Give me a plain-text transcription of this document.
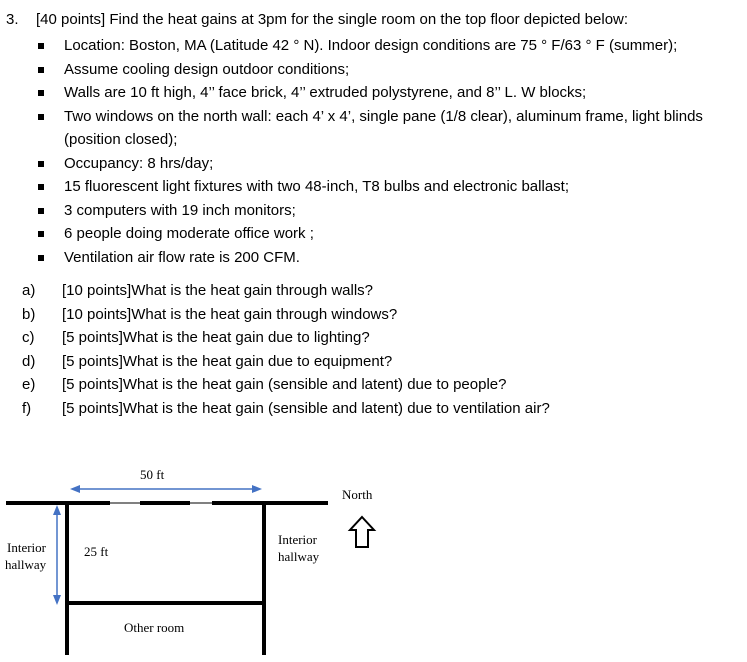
3. [40 points] Find the heat gains at 3pm for the single room on the top floor depicted below:
Location: Boston, MA (Latitude 42 ° N). Indoor design conditions are 75 ° F/63 ° F (summer);
Assume cooling design outdoor conditions;
Walls are 10 ft high, 4’’ face brick, 4’’ extruded polystyrene, and 8’’ L. W blocks;
Two windows on the north wall: each 4’ x 4’, single pane (1/8 clear), aluminum frame, light blinds (position closed);
Occupancy: 8 hrs/day;
15 fluorescent light fixtures with two 48-inch, T8 bulbs and electronic ballast;
3 computers with 19 inch monitors;
6 people doing moderate office work ;
Ventilation air flow rate is 200 CFM.
a) [10 points]What is the heat gain through walls?
b) [10 points]What is the heat gain through windows?
c) [5 points]What is the heat gain due to lighting?
d) [5 points]What is the heat gain due to equipment?
e) [5 points]What is the heat gain (sensible and latent) due to people?
f) [5 points]What is the heat gain (sensible and latent) due to ventilation air?
50 ft
25 ft
Interior
hallway
Interior
hallway
Other room
North
